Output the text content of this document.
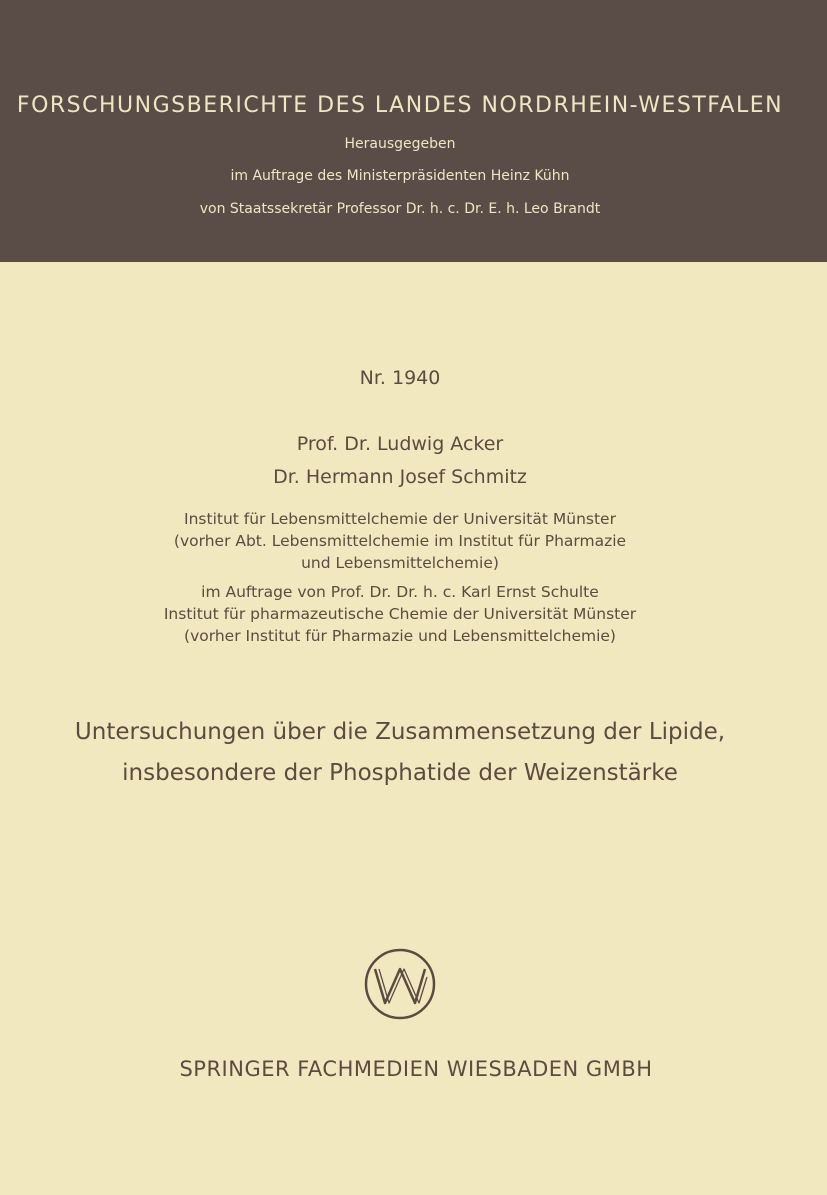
FORSCHUNGSBERICHTE DES LANDES NORDRHEIN-WESTFALEN
Herausgegeben
im Auftrage des Ministerpräsidenten Heinz Kühn
von Staatssekretär Professor Dr. h. c. Dr. E. h. Leo Brandt
Nr. 1940
Prof. Dr. Ludwig Acker
Dr. Hermann Josef Schmitz
Institut für Lebensmittelchemie der Universität Münster
(vorher Abt. Lebensmittelchemie im Institut für Pharmazie
und Lebensmittelchemie)
im Auftrage von Prof. Dr. Dr. h. c. Karl Ernst Schulte
Institut für pharmazeutische Chemie der Universität Münster
(vorher Institut für Pharmazie und Lebensmittelchemie)
Untersuchungen über die Zusammensetzung der Lipide,
insbesondere der Phosphatide der Weizenstärke
SPRINGER FACHMEDIEN WIESBADEN GMBH
